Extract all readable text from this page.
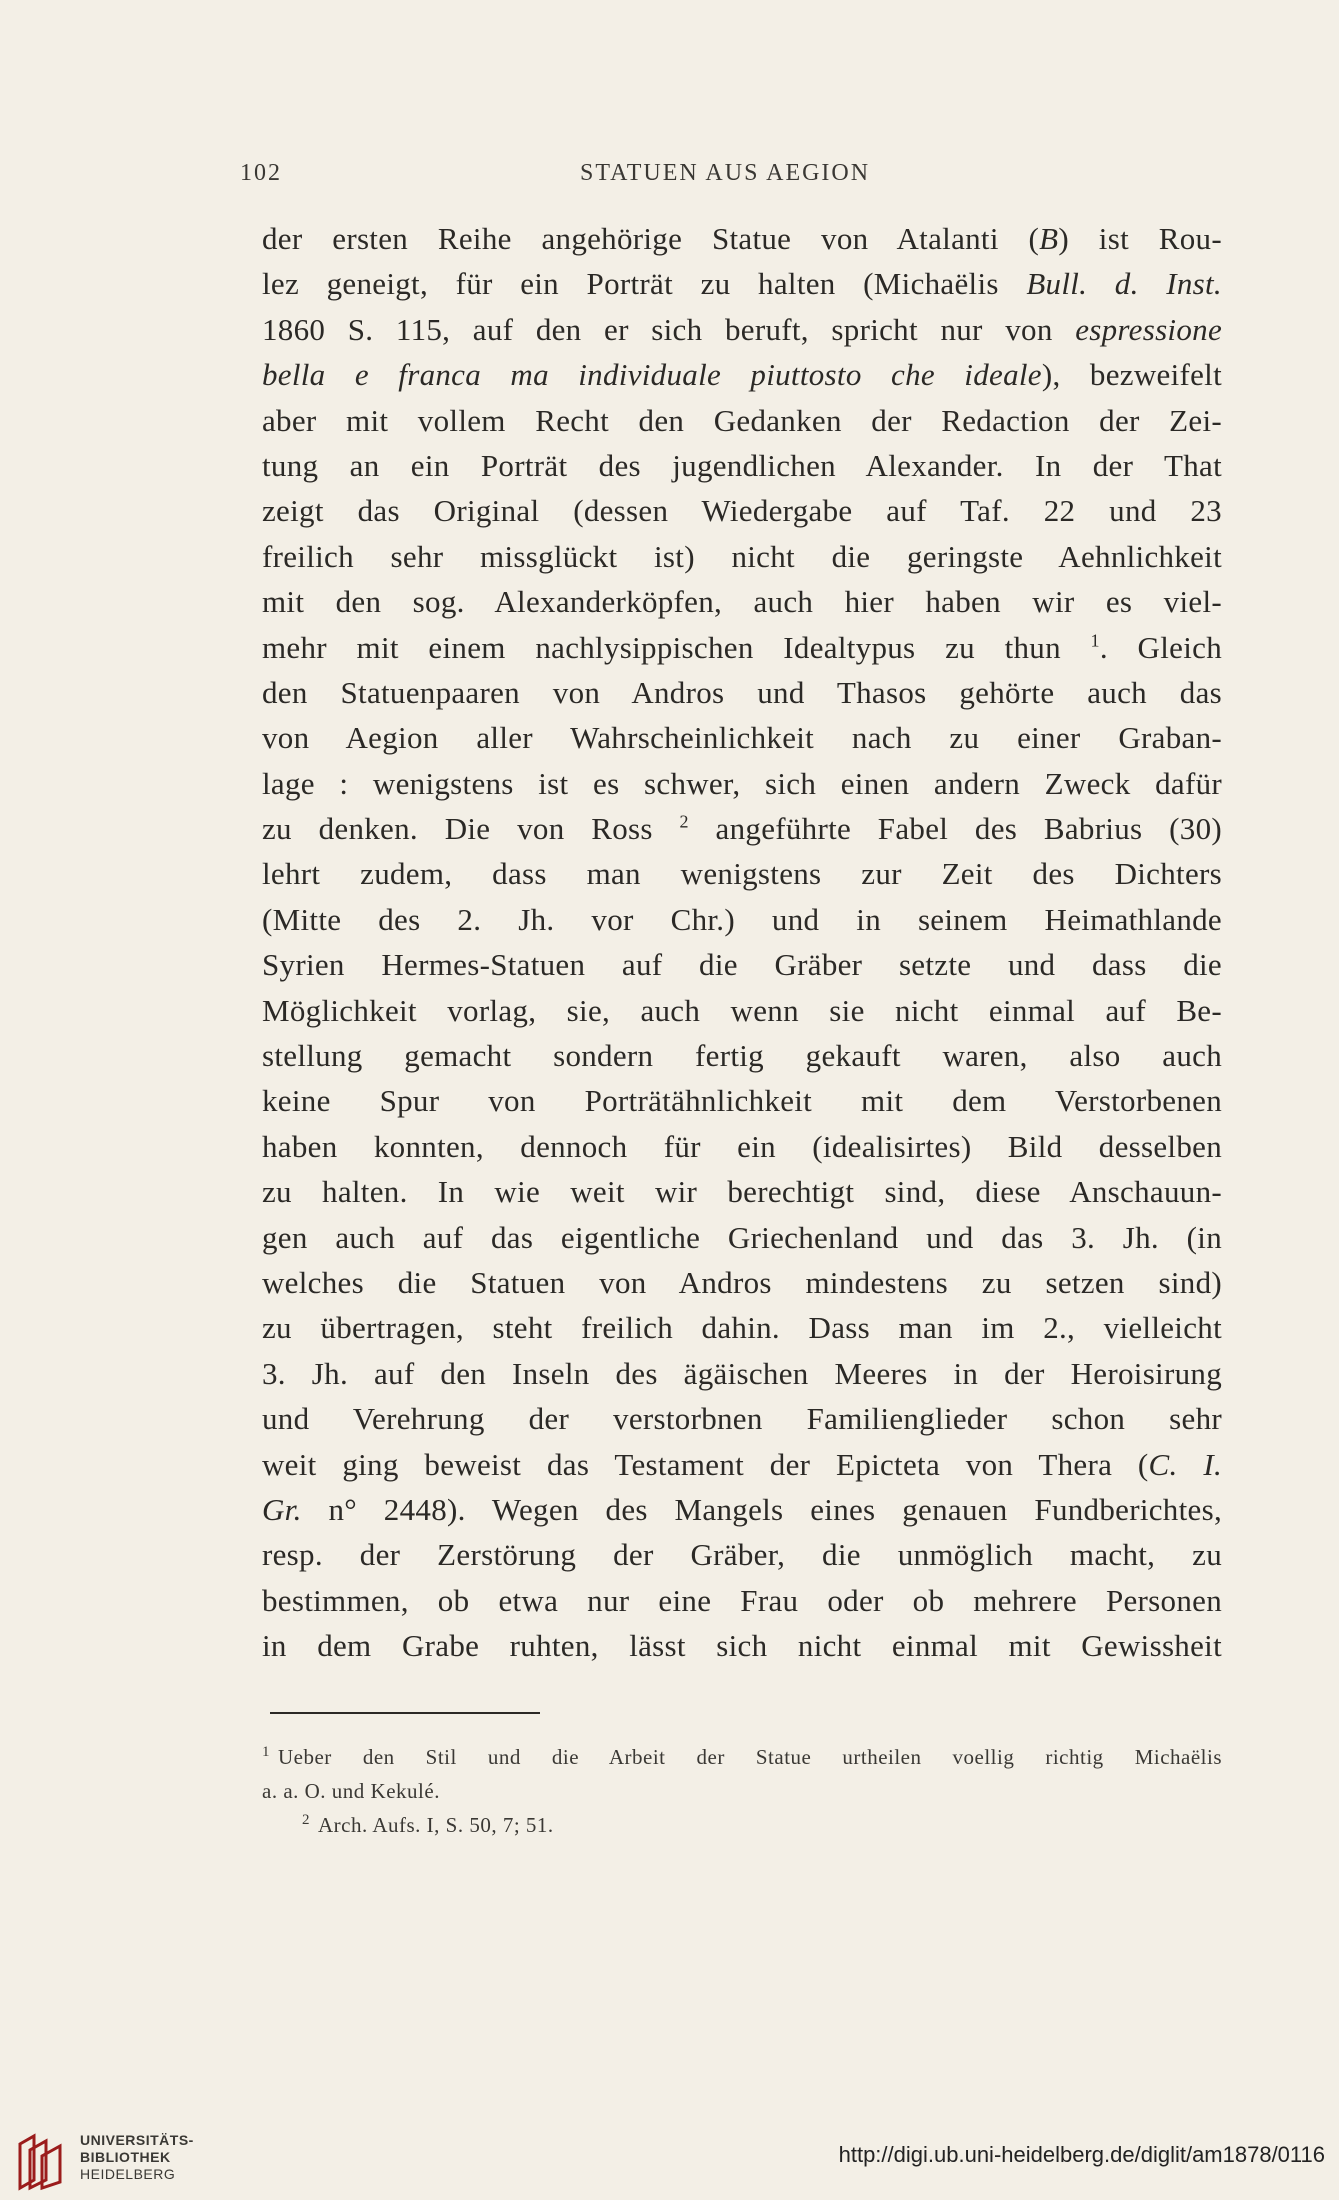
102	STATUEN AUS AEGION
der ersten Reihe angehörige Statue von Atalanti (B) ist Rou-
lez geneigt, für ein Porträt zu halten (Michaëlis Bull. d. Inst.
1860 S. 115, auf den er sich beruft, spricht nur von espressione
bella e franca ma individuale piuttosto che ideale), bezweifelt
aber mit vollem Recht den Gedanken der Redaction der Zei-
tung an ein Porträt des jugendlichen Alexander. In der That
zeigt das Original (dessen Wiedergabe auf Taf. 22 und 23
freilich sehr missglückt ist) nicht die geringste Aehnlichkeit
mit den sog. Alexanderköpfen, auch hier haben wir es viel-
mehr mit einem nachlysippischen Idealtypus zu thun $^1$. Gleich
den Statuenpaaren von Andros und Thasos gehörte auch das
von Aegion aller Wahrscheinlichkeit nach zu einer Graban-
lage : wenigstens ist es schwer, sich einen andern Zweck dafür
zu denken. Die von Ross $^2$ angeführte Fabel des Babrius (30)
lehrt zudem, dass man wenigstens zur Zeit des Dichters
(Mitte des 2. Jh. vor Chr.) und in seinem Heimathlande
Syrien Hermes-Statuen auf die Gräber setzte und dass die
Möglichkeit vorlag, sie, auch wenn sie nicht einmal auf Be-
stellung gemacht sondern fertig gekauft waren, also auch
keine Spur von Porträtähnlichkeit mit dem Verstorbenen
haben konnten, dennoch für ein (idealisirtes) Bild desselben
zu halten. In wie weit wir berechtigt sind, diese Anschauun-
gen auch auf das eigentliche Griechenland und das 3. Jh. (in
welches die Statuen von Andros mindestens zu setzen sind)
zu übertragen, steht freilich dahin. Dass man im 2., vielleicht
3. Jh. auf den Inseln des ägäischen Meeres in der Heroisirung
und Verehrung der verstorbnen Familienglieder schon sehr
weit ging beweist das Testament der Epicteta von Thera (C. I.
Gr. n° 2448). Wegen des Mangels eines genauen Fundberichtes,
resp. der Zerstörung der Gräber, die unmöglich macht, zu
bestimmen, ob etwa nur eine Frau oder ob mehrere Personen
in dem Grabe ruhten, lässt sich nicht einmal mit Gewissheit
$^1$ Ueber den Stil und die Arbeit der Statue urtheilen voellig richtig Michaëlis
a. a. O. und Kekulé.
$^2$ Arch. Aufs. I, S. 50, 7; 51.
UNIVERSITÄTS-
BIBLIOTHEK
HEIDELBERG
http://digi.ub.uni-heidelberg.de/diglit/am1878/0116
